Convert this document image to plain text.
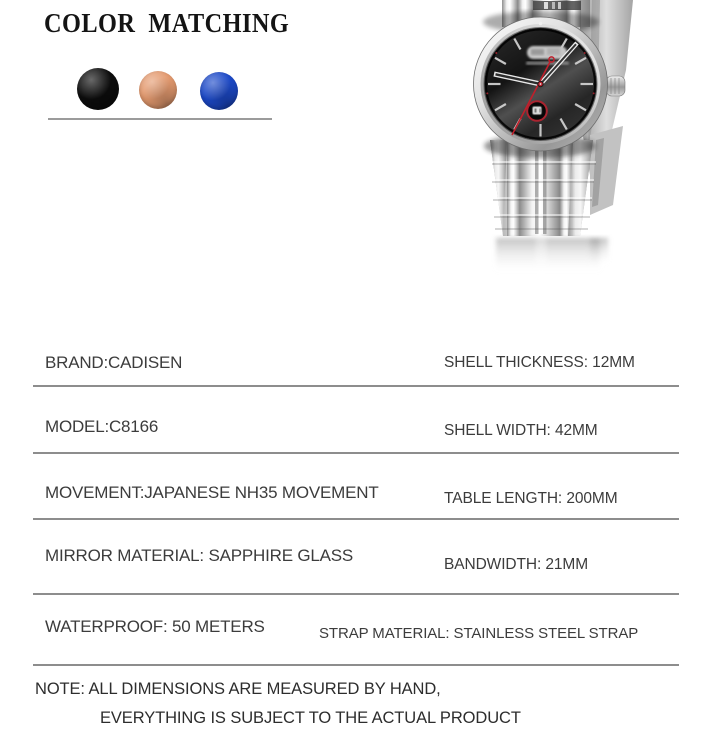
COLOR  MATCHING
BRAND:CADISEN	SHELL THICKNESS: 12MM
MODEL:C8166	SHELL WIDTH: 42MM
MOVEMENT:JAPANESE NH35 MOVEMENT	TABLE LENGTH: 200MM
MIRROR MATERIAL: SAPPHIRE GLASS	BANDWIDTH: 21MM
WATERPROOF: 50 METERS	STRAP MATERIAL: STAINLESS STEEL STRAP
NOTE: ALL DIMENSIONS ARE MEASURED BY HAND,
EVERYTHING IS SUBJECT TO THE ACTUAL PRODUCT
